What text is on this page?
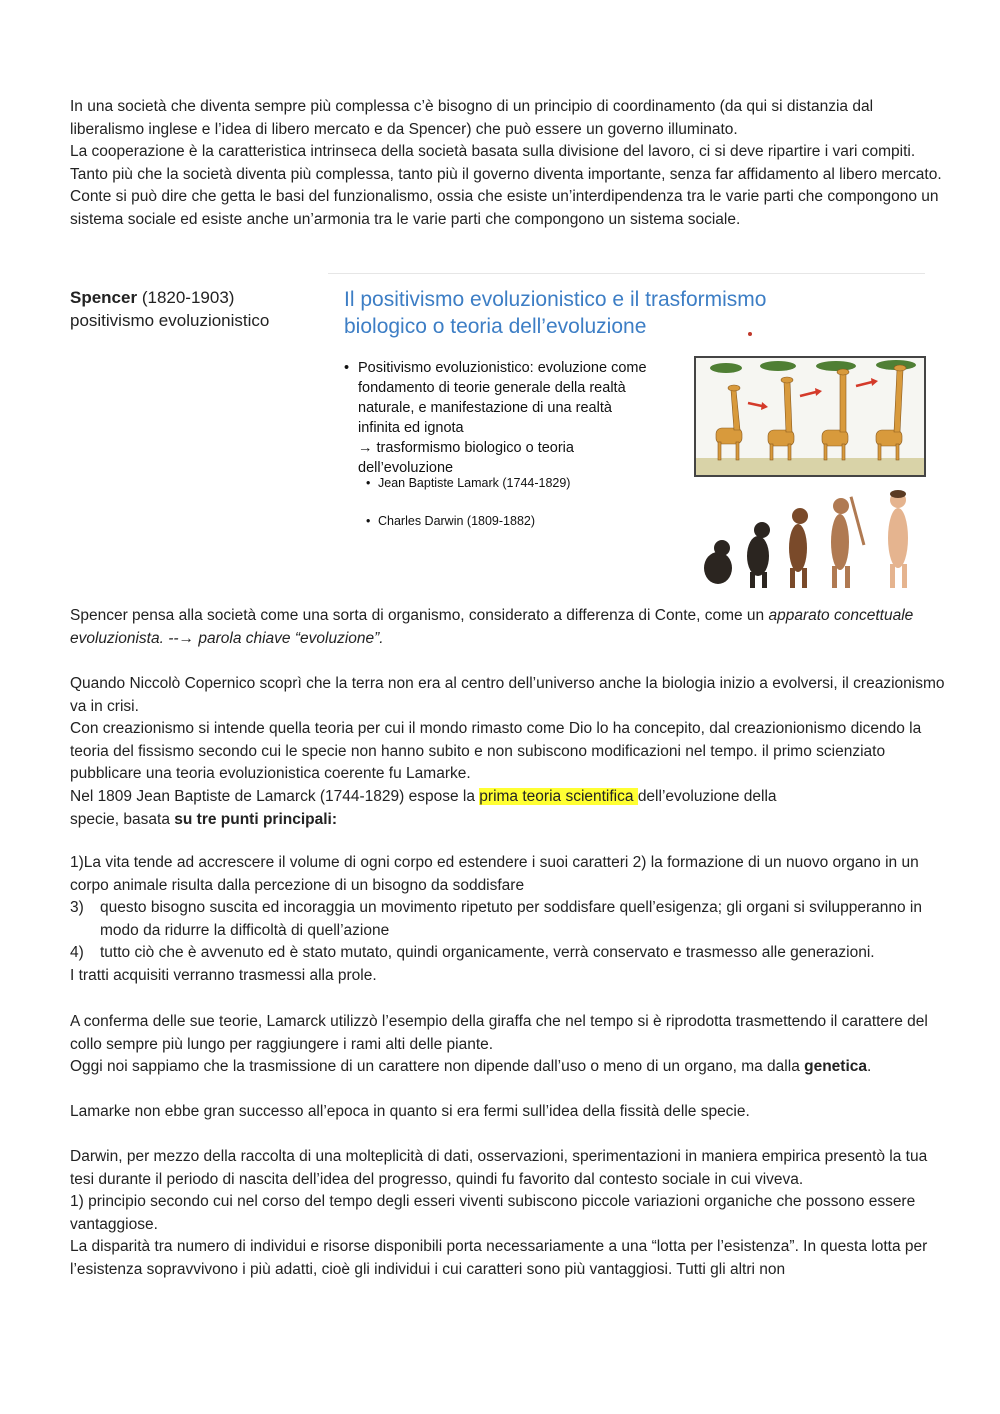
In una società che diventa sempre più complessa c’è bisogno di un principio di coordinamento (da qui si distanzia dal liberalismo inglese e l’idea di libero mercato e da Spencer) che può essere un governo illuminato.

La cooperazione è la caratteristica intrinseca della società basata sulla divisione del lavoro, ci si deve ripartire i vari compiti. Tanto più che la società diventa più complessa, tanto più il governo diventa importante, senza far affidamento al libero mercato.

Conte si può dire che getta le basi del funzionalismo, ossia che esiste un’interdipendenza tra le varie parti che compongono un sistema sociale ed esiste anche un’armonia tra le varie parti che compongono un sistema sociale.

Spencer (1820-1903)
positivismo evoluzionistico
Il positivismo evoluzionistico e il trasformismo biologico o teoria dell’evoluzione
• Positivismo evoluzionistico: evoluzione come
fondamento di teorie generale della realtà
naturale, e manifestazione di una realtà
infinita ed ignota
→ trasformismo biologico o teoria
dell’evoluzione
• Jean Baptiste Lamark (1744-1829)
• Charles Darwin (1809-1882)

Spencer pensa alla società come una sorta di organismo, considerato a differenza di Conte, come un apparato concettuale evoluzionista. --→ parola chiave “evoluzione”.

Quando Niccolò Copernico scoprì che la terra non era al centro dell’universo anche la biologia inizio a evolversi, il creazionismo va in crisi.

Con creazionismo si intende quella teoria per cui il mondo rimasto come Dio lo ha concepito, dal creazionionismo dicendo la teoria del fissismo secondo cui le specie non hanno subito e non subiscono modificazioni nel tempo. il primo scienziato pubblicare una teoria evoluzionistica coerente fu Lamarke.

Nel 1809 Jean Baptiste de Lamarck (1744-1829) espose la prima teoria scientifica dell’evoluzione della
specie, basata su tre punti principali:

1)La vita tende ad accrescere il volume di ogni corpo ed estendere i suoi caratteri 2) la formazione di un nuovo organo in un corpo animale risulta dalla percezione di un bisogno da soddisfare

3)	questo bisogno suscita ed incoraggia un movimento ripetuto per soddisfare quell’esigenza; gli organi si svilupperanno in modo da ridurre la difficoltà di quell’azione
4)	tutto ciò che è avvenuto ed è stato mutato, quindi organicamente, verrà conservato e trasmesso alle generazioni.

I tratti acquisiti verranno trasmessi alla prole.

A conferma delle sue teorie, Lamarck utilizzò l’esempio della giraffa che nel tempo si è riprodotta trasmettendo il carattere del collo sempre più lungo per raggiungere i rami alti delle piante.

Oggi noi sappiamo che la trasmissione di un carattere non dipende dall’uso o meno di un organo, ma dalla genetica.

Lamarke non ebbe gran successo all’epoca in quanto si era fermi sull’idea della fissità delle specie.

Darwin, per mezzo della raccolta di una molteplicità di dati, osservazioni, sperimentazioni in maniera empirica presentò la tua tesi durante il periodo di nascita dell’idea del progresso, quindi fu favorito dal contesto sociale in cui viveva.

1) principio secondo cui nel corso del tempo degli esseri viventi subiscono piccole variazioni organiche che possono essere vantaggiose.

La disparità tra numero di individui e risorse disponibili porta necessariamente a una “lotta per l’esistenza”. In questa lotta per l’esistenza sopravvivono i più adatti, cioè gli individui i cui caratteri sono più vantaggiosi. Tutti gli altri non
